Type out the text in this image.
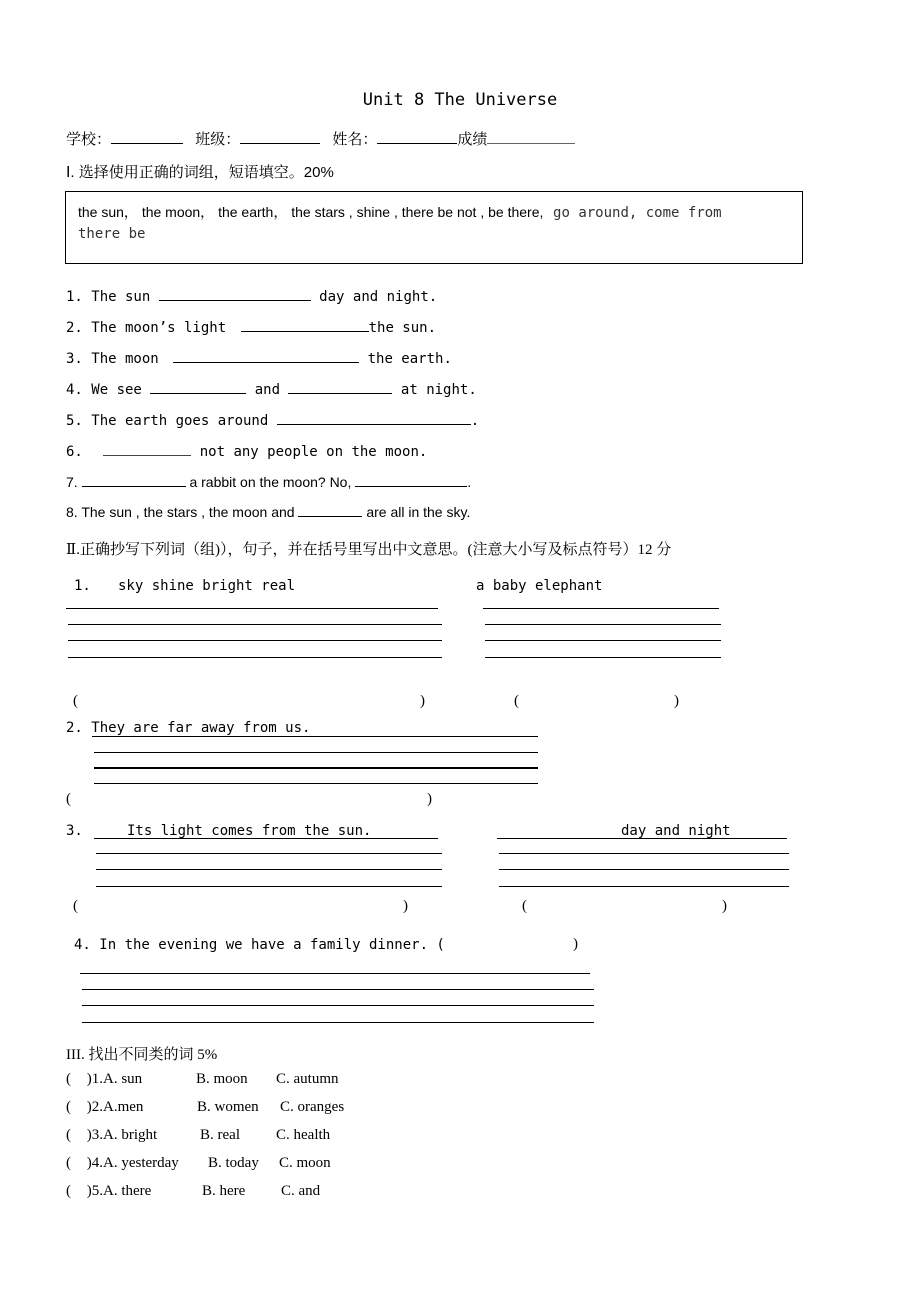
Unit 8 The Universe
学校：	班级：	姓名：	成绩
Ⅰ. 选择使用正确的词组，短语填空。20%
the sun， the moon， the earth， the stars , shine , there be not , be there, go around, come from
there be
1. The sun	day and night.
2. The moon’s light	the sun.
3. The moon	the earth.
4. We see	and	at night.
5. The earth goes around	.
6.	not any people on the moon.
7.	a rabbit on the moon? No,	.
8. The sun , the stars , the moon and	are all in the sky.
Ⅱ.正确抄写下列词（组)），句子，并在括号里写出中文意思。(注意大小写及标点符号）12 分
1. sky shine bright real	a baby elephant
(	)	(	)
2. They are far away from us.
(	)
3.	Its light comes from the sun.	day and night
(	)	(	)
4. In the evening we have a family dinner. (	)
III. 找出不同类的词 5%
( )1.A. sun	B. moon C. autumn
( )2.A.men	B. women C. oranges
( )3.A. bright	B. real C. health
( )4.A. yesterday B. today C. moon
( )5.A. there	B. here C. and
